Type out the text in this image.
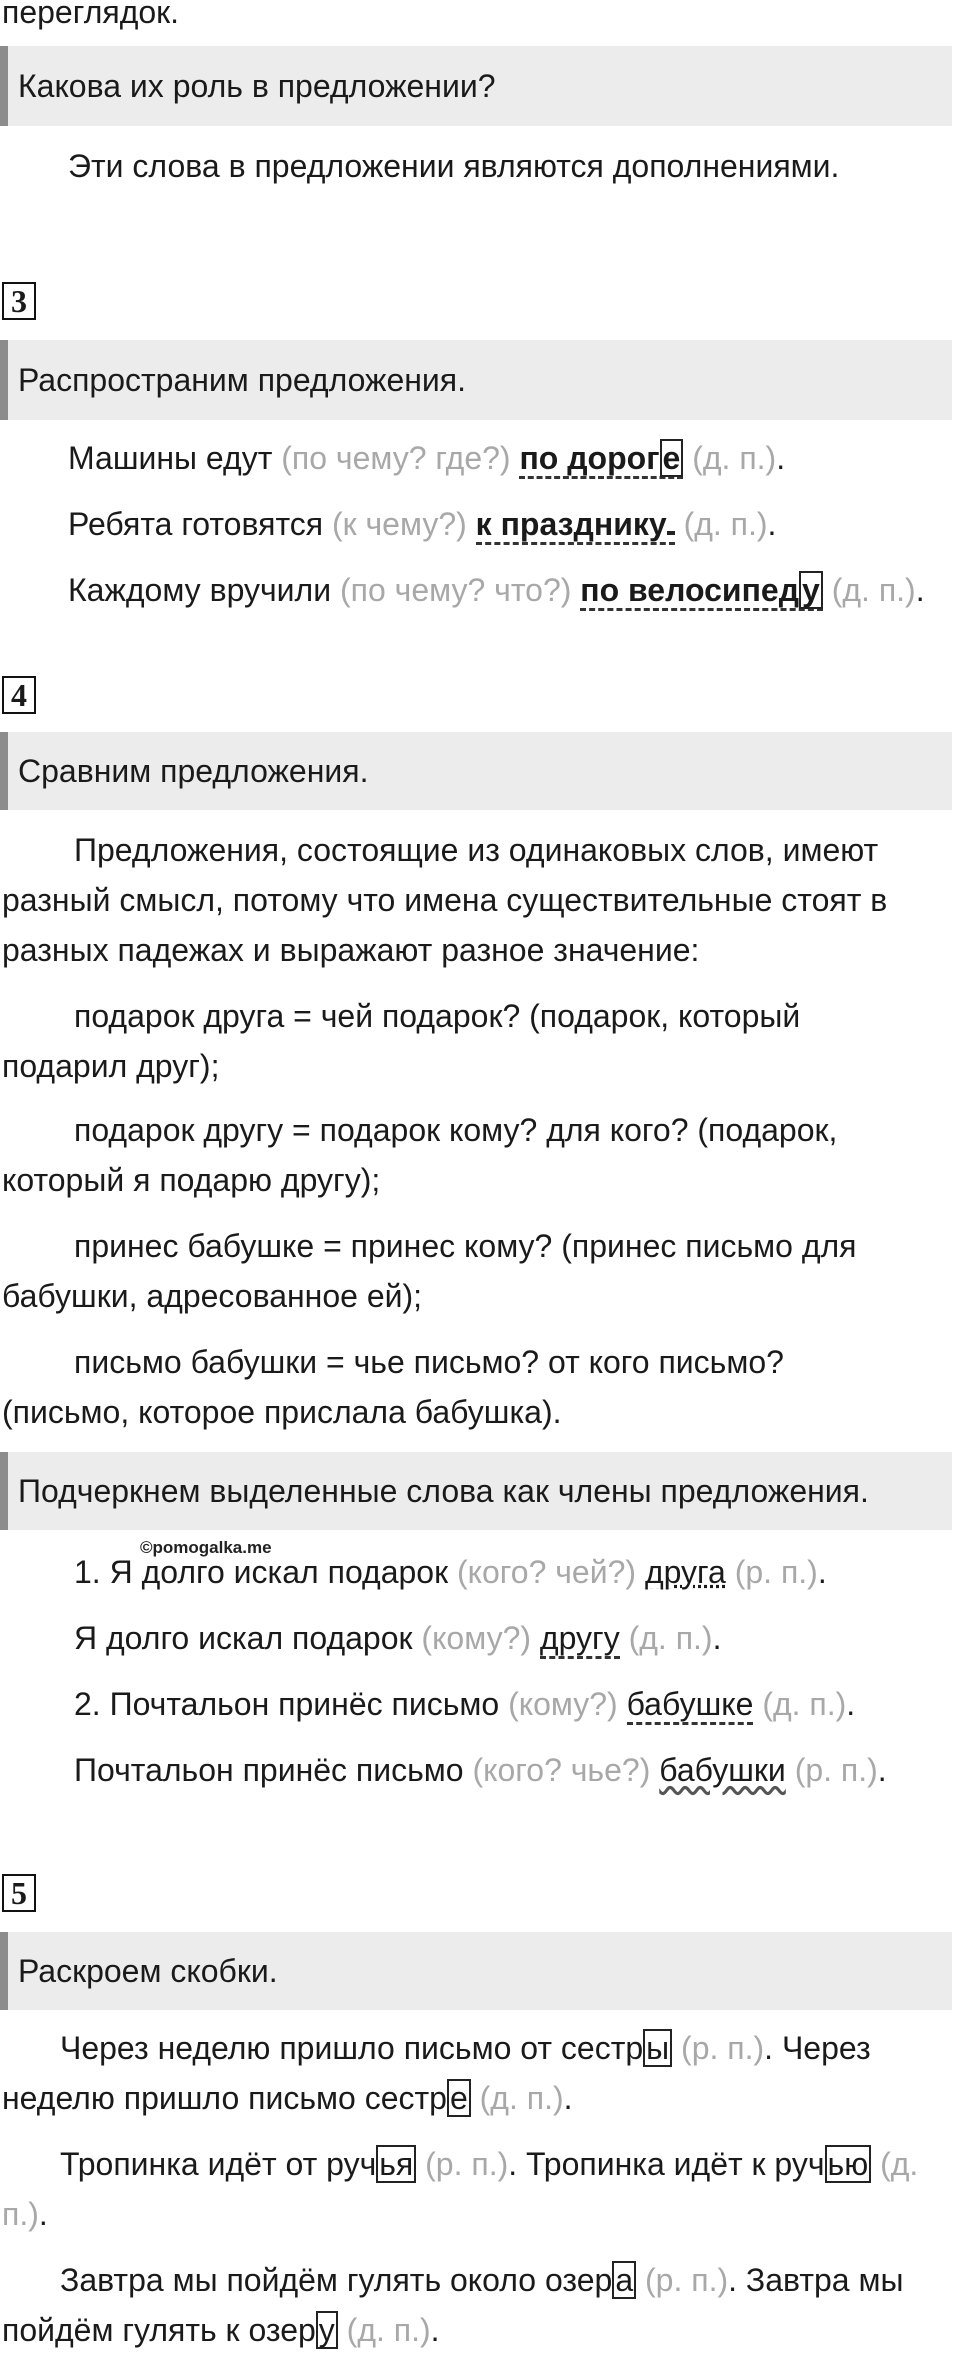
переглядок.
Какова их роль в предложении?
Эти слова в предложении являются дополнениями.
3
Распространим предложения.
Машины едут (по чему? где?) по дороге (д. п.).
Ребята готовятся (к чему?) к празднику (д. п.).
Каждому вручили (по чему? что?) по велосипеду (д. п.).
4
Сравним предложения.
Предложения, состоящие из одинаковых слов, имеют
разный смысл, потому что имена существительные стоят в
разных падежах и выражают разное значение:
подарок друга = чей подарок? (подарок, который
подарил друг);
подарок другу = подарок кому? для кого? (подарок,
который я подарю другу);
принес бабушке = принес кому? (принес письмо для
бабушки, адресованное ей);
письмо бабушки = чье письмо? от кого письмо?
(письмо, которое прислала бабушка).
Подчеркнем выделенные слова как члены предложения.
©pomogalka.me
1. Я долго искал подарок (кого? чей?) друга (р. п.).
Я долго искал подарок (кому?) другу (д. п.).
2. Почтальон принёс письмо (кому?) бабушке (д. п.).
Почтальон принёс письмо (кого? чье?) бабушки (р. п.).
5
Раскроем скобки.
Через неделю пришло письмо от сестры (р. п.). Через
неделю пришло письмо сестре (д. п.).
Тропинка идёт от ручья (р. п.). Тропинка идёт к ручью (д.
п.).
Завтра мы пойдём гулять около озера (р. п.). Завтра мы
пойдём гулять к озеру (д. п.).
